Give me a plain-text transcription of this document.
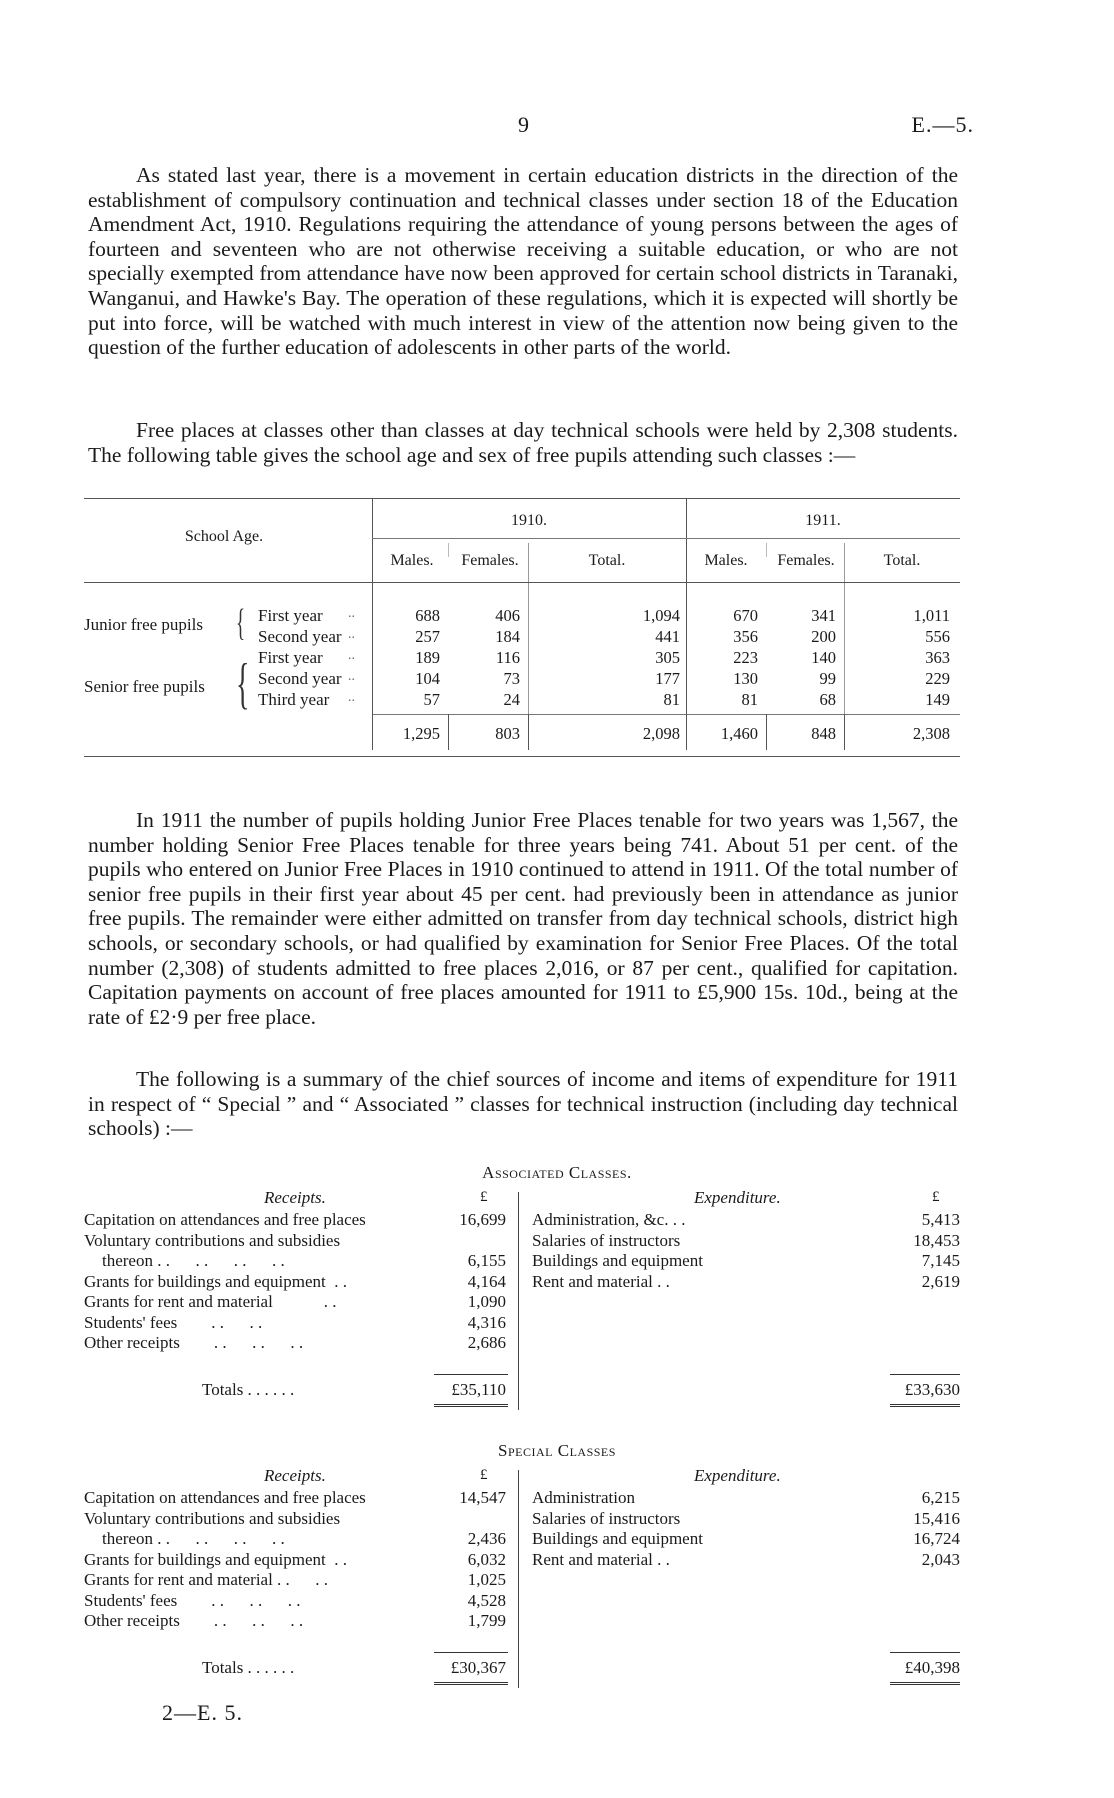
9	E.—5.

As stated last year, there is a movement in certain education districts in the direction of the establishment of compulsory continuation and technical classes under section 18 of the Education Amendment Act, 1910. Regulations requiring the attendance of young persons between the ages of fourteen and seventeen who are not otherwise receiving a suitable education, or who are not specially exempted from attendance have now been approved for certain school districts in Taranaki, Wanganui, and Hawke's Bay. The operation of these regulations, which it is expected will shortly be put into force, will be watched with much interest in view of the attention now being given to the question of the further education of adolescents in other parts of the world.

Free places at classes other than classes at day technical schools were held by 2,308 students. The following table gives the school age and sex of free pupils attending such classes :—

School Age.
1910.	1911.
Males.	Females.	Total.	Males.	Females.	Total.
Junior free pupils {
Senior free pupils {
First year ..	688	406	1,094	670	341	1,011
Second year ..	257	184	441	356	200	556
First year ..	189	116	305	223	140	363
Second year ..	104	73	177	130	99	229
Third year ..	57	24	81	81	68	149
1,295	803	2,098	1,460	848	2,308

In 1911 the number of pupils holding Junior Free Places tenable for two years was 1,567, the number holding Senior Free Places tenable for three years being 741. About 51 per cent. of the pupils who entered on Junior Free Places in 1910 continued to attend in 1911. Of the total number of senior free pupils in their first year about 45 per cent. had previously been in attendance as junior free pupils. The remainder were either admitted on transfer from day technical schools, district high schools, or secondary schools, or had qualified by examination for Senior Free Places. Of the total number (2,308) of students admitted to free places 2,016, or 87 per cent., qualified for capitation. Capitation payments on account of free places amounted for 1911 to £5,900 15s. 10d., being at the rate of £2·9 per free place.

The following is a summary of the chief sources of income and items of expenditure for 1911 in respect of “ Special ” and “ Associated ” classes for technical instruction (including day technical schools) :—

Associated Classes.
Receipts.	£	Expenditure.	£
Capitation on attendances and free places	16,699
Voluntary contributions and subsidies
thereon . .      . .      . .      . .	6,155
Grants for buildings and equipment  . .	4,164
Grants for rent and material            . .	1,090
Students' fees        . .      . .	4,316
Other receipts        . .      . .      . .	2,686
Administration, &c. . .	5,413
Salaries of instructors	18,453
Buildings and equipment	7,145
Rent and material . .	2,619
Totals . . . . . .	£35,110	£33,630
Special Classes
Receipts.	£	Expenditure.
Capitation on attendances and free places	14,547
Voluntary contributions and subsidies
thereon . .      . .      . .      . .	2,436
Grants for buildings and equipment  . .	6,032
Grants for rent and material . .      . .	1,025
Students' fees        . .      . .      . .	4,528
Other receipts        . .      . .      . .	1,799
Administration	6,215
Salaries of instructors	15,416
Buildings and equipment	16,724
Rent and material . .	2,043
Totals . . . . . .	£30,367	£40,398
2—E. 5.
